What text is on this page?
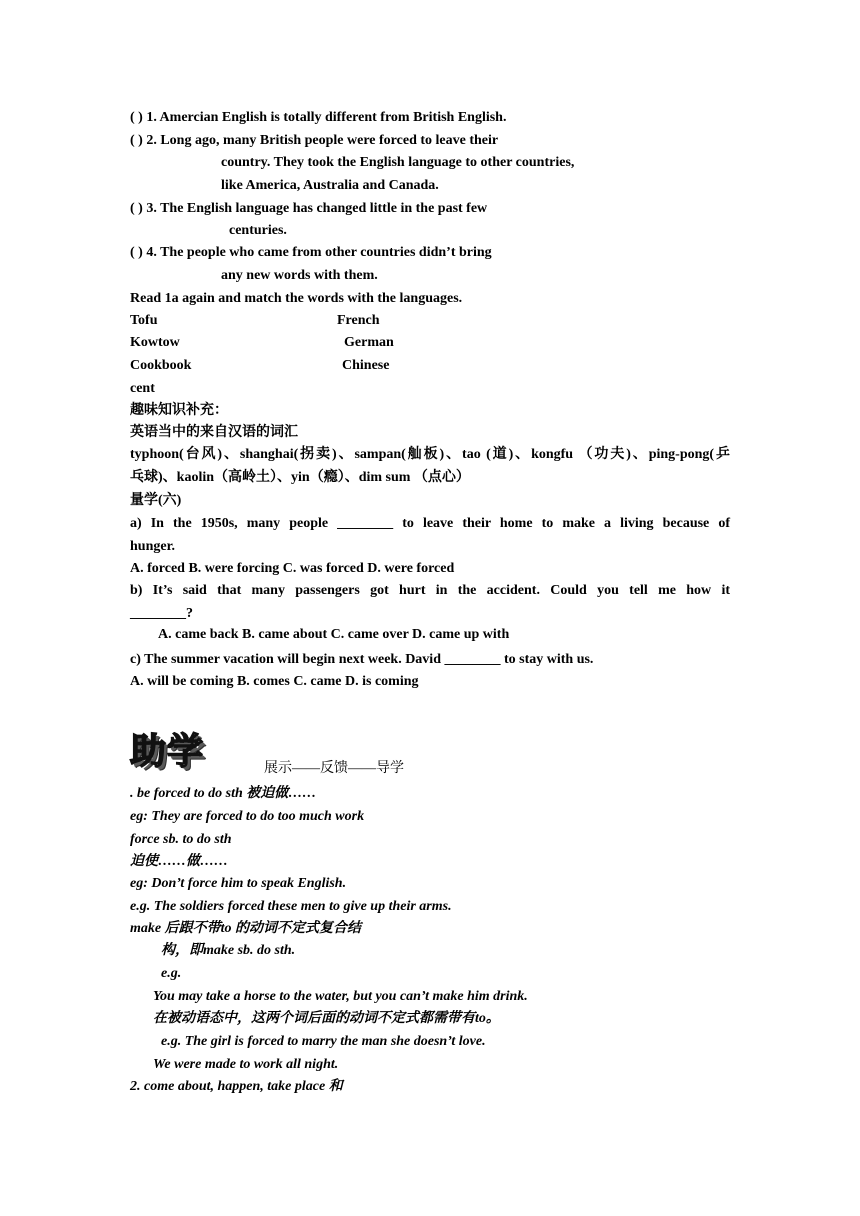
( ) 1. Amercian English is totally different from British English.
( ) 2. Long ago, many British people were forced to leave their
country. They took the English language to other countries,
like America, Australia and Canada.
( ) 3. The English language has changed little in the past few
centuries.
( ) 4. The people who came from other countries didn’t bring
any new words with them.
Read 1a again and match the words with the languages.
Tofu	French
Kowtow	German
Cookbook	Chinese
cent
趣味知识补充：
英语当中的来自汉语的词汇
typhoon(台风)、shanghai(拐卖)、sampan(舢板)、tao (道)、kongfu （功夫)、ping-pong(乒
乓球)、kaolin（高岭土）、yin（瘾）、dim sum （点心）
量学(六)
a) In the 1950s, many people ________ to leave their home to make a living because of
hunger.
A. forced B. were forcing C. was forced D. were forced
b) It’s said that many passengers got hurt in the accident. Could you tell me how it
________?
A. came back B. came about C. came over D. came up with
c) The summer vacation will begin next week. David ________ to stay with us.
A. will be coming B. comes C. came D. is coming
助学	展示——反馈——导学
. be forced to do sth 被迫做……
eg: They are forced to do too much work
force sb. to do sth
迫使……做……
eg: Don’t force him to speak English.
e.g. The soldiers forced these men to give up their arms.
make 后跟不带to 的动词不定式复合结
构，即make sb. do sth.
e.g.
You may take a horse to the water, but you can’t make him drink.
在被动语态中，这两个词后面的动词不定式都需带有to。
e.g. The girl is forced to marry the man she doesn’t love.
We were made to work all night.
2. come about, happen, take place 和
